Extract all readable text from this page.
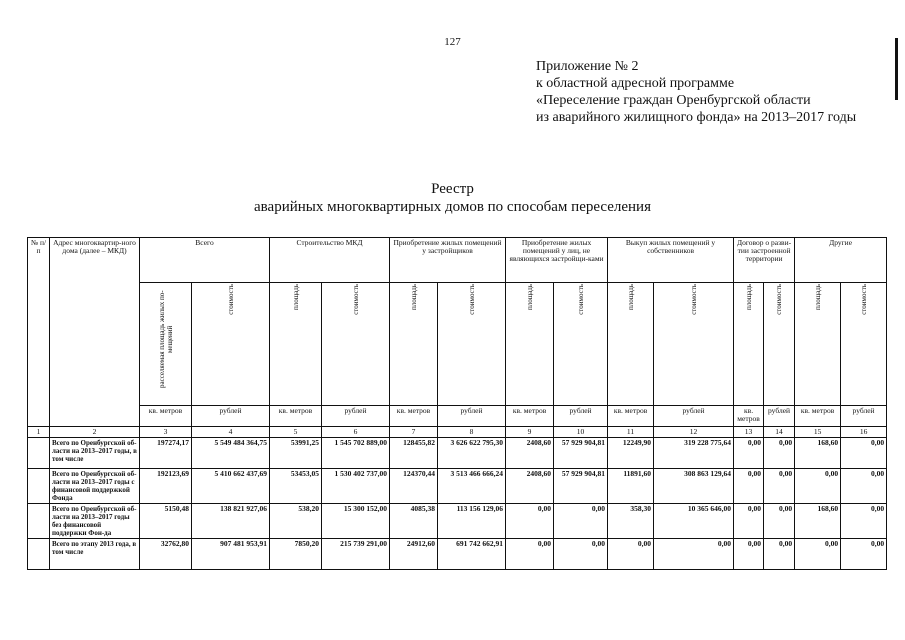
127
Приложение № 2
к областной адресной программе
«Переселение граждан Оренбургской области
из аварийного жилищного фонда» на 2013–2017 годы
Реестр
аварийных многоквартирных домов по способам переселения
№ п/п	Адрес многоквартир-ного дома (далее – МКД)	Всего		Строительство МКД		Приобретение жилых помещений у застройщиков		Приобретение жилых помещений у лиц, не являющихся застройщи-ками		Выкуп жилых помещений у собственников		Договор о разви-тии застроенной территории		Другие	
		расселяемая площадь жилых по-мещений	стоимость	площадь	стоимость	площадь	стоимость	площадь	стоимость	площадь	стоимость	площадь	стоимость	площадь	стоимость
		кв. метров	рублей	кв. метров	рублей	кв. метров	рублей	кв. метров	рублей	кв. метров	рублей	кв. метров	рублей	кв. метров	рублей
1	2	3	4	5	6	7	8	9	10	11	12	13	14	15	16
	Всего по Оренбургской об-ласти на 2013–2017 годы, в том числе	197274,17	5 549 484 364,75	53991,25	1 545 702 889,00	128455,82	3 626 622 795,30	2408,60	57 929 904,81	12249,90	319 228 775,64	0,00	0,00	168,60	0,00
	Всего по Оренбургской об-ласти на 2013–2017 годы с финансовой поддержкой Фонда	192123,69	5 410 662 437,69	53453,05	1 530 402 737,00	124370,44	3 513 466 666,24	2408,60	57 929 904,81	11891,60	308 863 129,64	0,00	0,00	0,00	0,00
	Всего по Оренбургской об-ласти на 2013–2017 годы без финансовой поддержки Фон-да	5150,48	138 821 927,06	538,20	15 300 152,00	4085,38	113 156 129,06	0,00	0,00	358,30	10 365 646,00	0,00	0,00	168,60	0,00
	Всего по этапу 2013 года, в том числе	32762,80	907 481 953,91	7850,20	215 739 291,00	24912,60	691 742 662,91	0,00	0,00	0,00	0,00	0,00	0,00	0,00	0,00
